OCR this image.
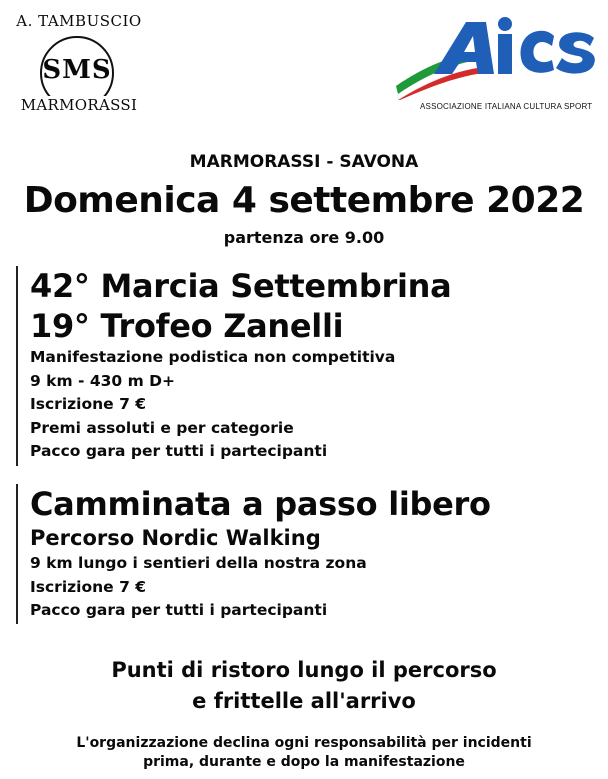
A. TAMBUSCIO
SMS
MARMORASSI	ASSOCIAZIONE ITALIANA CULTURA SPORT
MARMORASSI - SAVONA
Domenica 4 settembre 2022
partenza ore 9.00
42° Marcia Settembrina
19° Trofeo Zanelli
Manifestazione podistica non competitiva
9 km - 430 m D+
Iscrizione 7 €
Premi assoluti e per categorie
Pacco gara per tutti i partecipanti
Camminata a passo libero
Percorso Nordic Walking
9 km lungo i sentieri della nostra zona
Iscrizione 7 €
Pacco gara per tutti i partecipanti
Punti di ristoro lungo il percorso
e frittelle all'arrivo
L'organizzazione declina ogni responsabilità per incidenti
prima, durante e dopo la manifestazione
